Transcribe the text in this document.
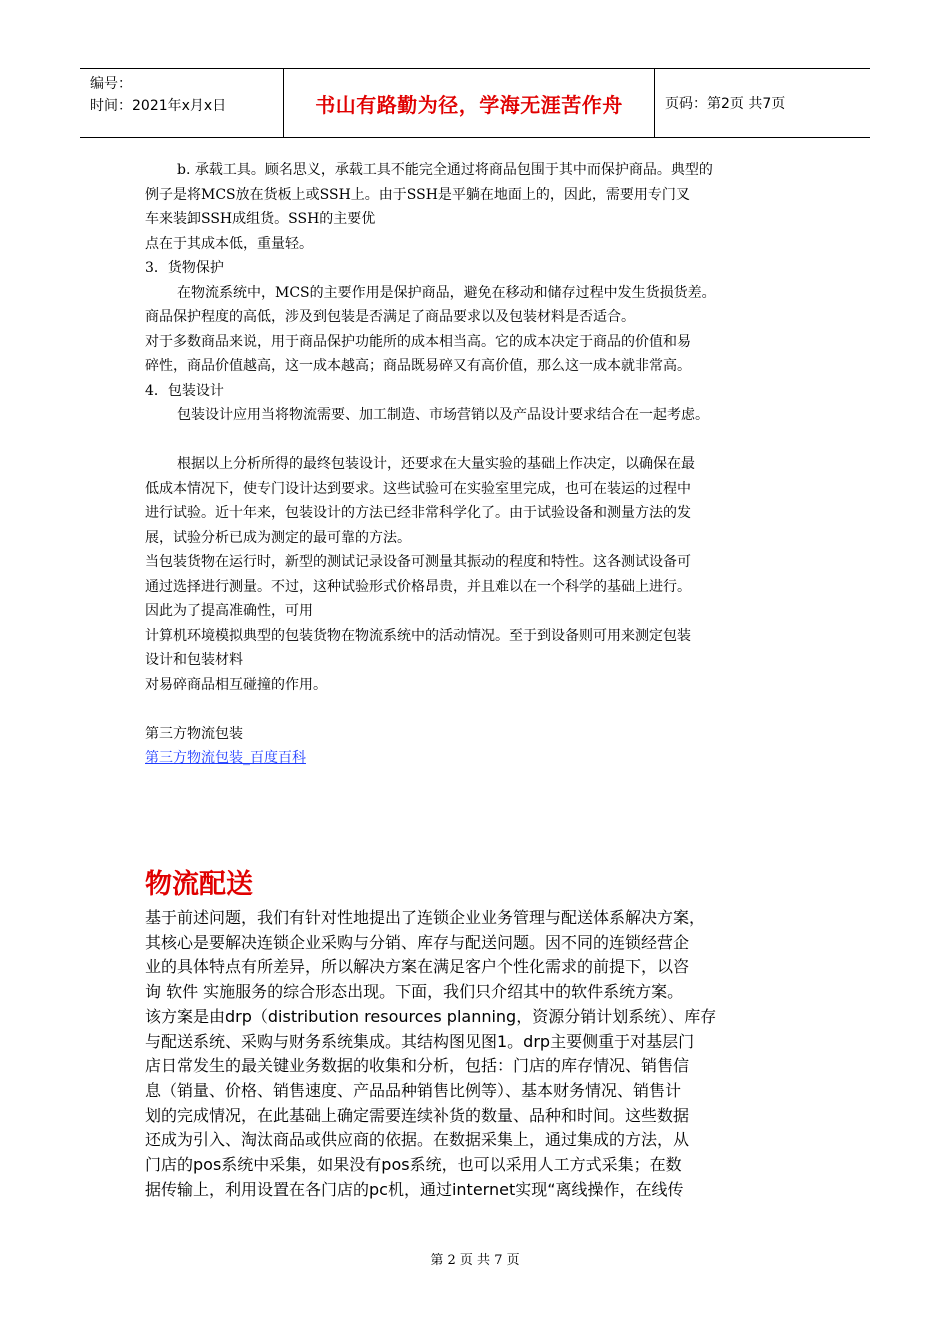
编号：
时间：2021年x月x日	书山有路勤为径，学海无涯苦作舟	页码：第2页 共7页

b. 承载工具。顾名思义，承载工具不能完全通过将商品包围于其中而保护商品。典型的

例子是将MCS放在货板上或SSH上。由于SSH是平躺在地面上的，因此，需要用专门叉

车来装卸SSH成组货。SSH的主要优

点在于其成本低，重量轻。

3．货物保护

在物流系统中，MCS的主要作用是保护商品，避免在移动和储存过程中发生货损货差。

商品保护程度的高低，涉及到包装是否满足了商品要求以及包装材料是否适合。

对于多数商品来说，用于商品保护功能所的成本相当高。它的成本决定于商品的价值和易

碎性，商品价值越高，这一成本越高；商品既易碎又有高价值，那么这一成本就非常高。

4．包装设计

包装设计应用当将物流需要、加工制造、市场营销以及产品设计要求结合在一起考虑。

根据以上分析所得的最终包装设计，还要求在大量实验的基础上作决定，以确保在最

低成本情况下，使专门设计达到要求。这些试验可在实验室里完成，也可在装运的过程中

进行试验。近十年来，包装设计的方法已经非常科学化了。由于试验设备和测量方法的发

展，试验分析已成为测定的最可靠的方法。

当包装货物在运行时，新型的测试记录设备可测量其振动的程度和特性。这各测试设备可

通过选择进行测量。不过，这种试验形式价格昂贵，并且难以在一个科学的基础上进行。

因此为了提高准确性，可用

计算机环境模拟典型的包装货物在物流系统中的活动情况。至于到设备则可用来测定包装

设计和包装材料

对易碎商品相互碰撞的作用。

第三方物流包装

第三方物流包装_百度百科

物流配送

基于前述问题，我们有针对性地提出了连锁企业业务管理与配送体系解决方案，

其核心是要解决连锁企业采购与分销、库存与配送问题。因不同的连锁经营企

业的具体特点有所差异，所以解决方案在满足客户个性化需求的前提下，以咨

询 软件 实施服务的综合形态出现。下面，我们只介绍其中的软件系统方案。

该方案是由drp（distribution resources planning，资源分销计划系统）、库存

与配送系统、采购与财务系统集成。其结构图见图1。drp主要侧重于对基层门

店日常发生的最关键业务数据的收集和分析，包括：门店的库存情况、销售信

息（销量、价格、销售速度、产品品种销售比例等）、基本财务情况、销售计

划的完成情况，在此基础上确定需要连续补货的数量、品种和时间。这些数据

还成为引入、淘汰商品或供应商的依据。在数据采集上，通过集成的方法，从

门店的pos系统中采集，如果没有pos系统，也可以采用人工方式采集；在数

据传输上，利用设置在各门店的pc机，通过internet实现“离线操作，在线传

第 2 页 共 7 页
